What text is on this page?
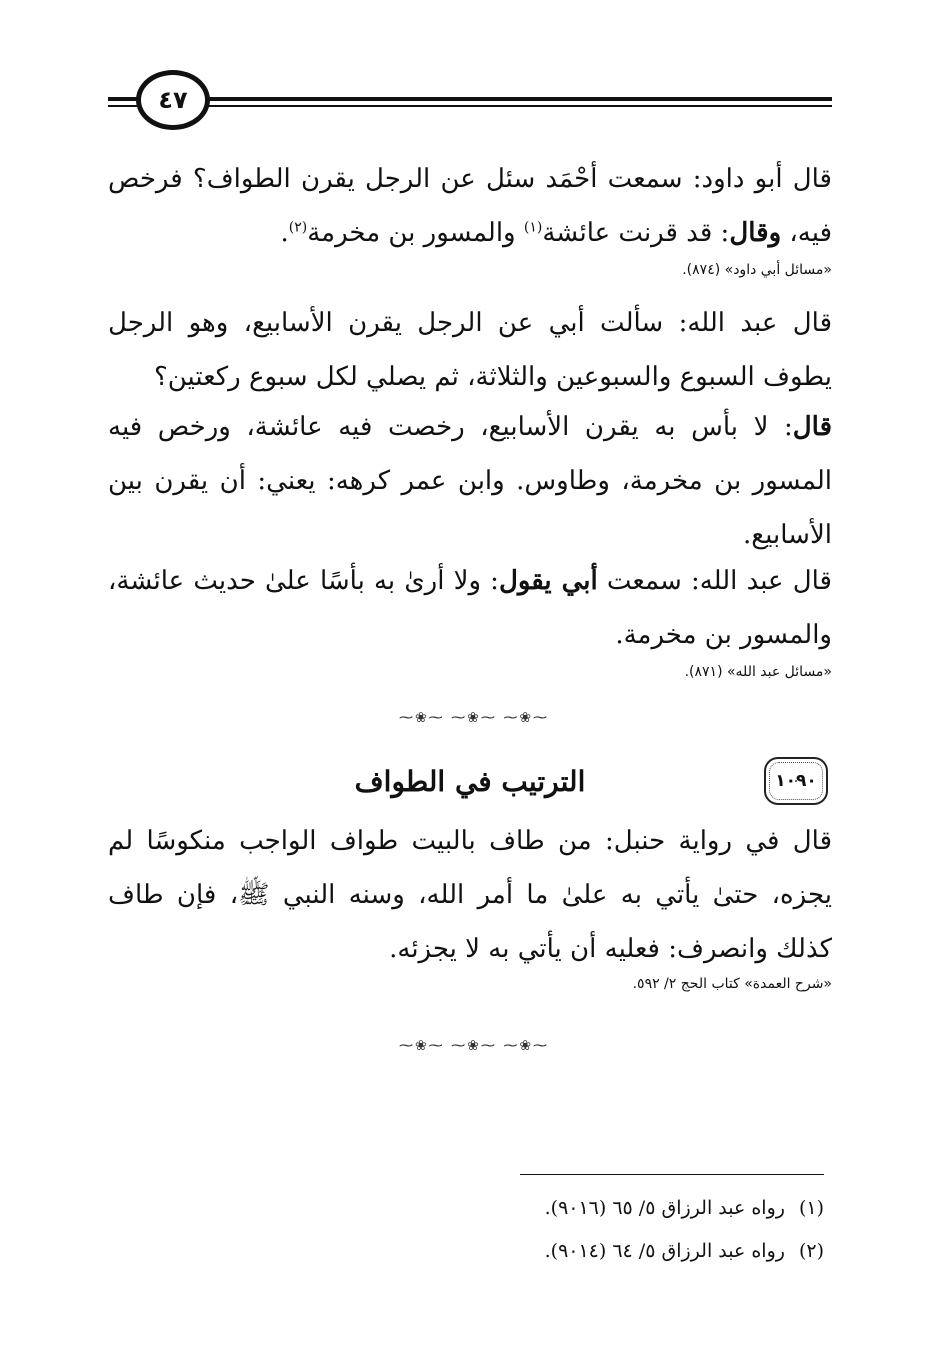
٤٧
قال أبو داود: سمعت أحْمَد سئل عن الرجل يقرن الطواف؟ فرخص فيه، وقال: قد قرنت عائشة$^{(١)}$ والمسور بن مخرمة$^{(٢)}$.
«مسائل أبي داود» (٨٧٤).
قال عبد الله: سألت أبي عن الرجل يقرن الأسابيع، وهو الرجل يطوف السبوع والسبوعين والثلاثة، ثم يصلي لكل سبوع ركعتين؟
قال: لا بأس به يقرن الأسابيع، رخصت فيه عائشة، ورخص فيه المسور بن مخرمة، وطاوس. وابن عمر كرهه: يعني: أن يقرن بين الأسابيع.
قال عبد الله: سمعت أبي يقول: ولا أرىٰ به بأسًا علىٰ حديث عائشة، والمسور بن مخرمة.
«مسائل عبد الله» (٨٧١).
⁓❀⁓ ⁓❀⁓ ⁓❀⁓
١٠٩٠
الترتيب في الطواف
قال في رواية حنبل: من طاف بالبيت طواف الواجب منكوسًا لم يجزه، حتىٰ يأتي به علىٰ ما أمر الله، وسنه النبي ﷺ، فإن طاف كذلك وانصرف: فعليه أن يأتي به لا يجزئه.
«شرح العمدة» كتاب الحج ٢/ ٥٩٢.
⁓❀⁓ ⁓❀⁓ ⁓❀⁓
(١)رواه عبد الرزاق ٥/ ٦٥ (٩٠١٦).
(٢)رواه عبد الرزاق ٥/ ٦٤ (٩٠١٤).
